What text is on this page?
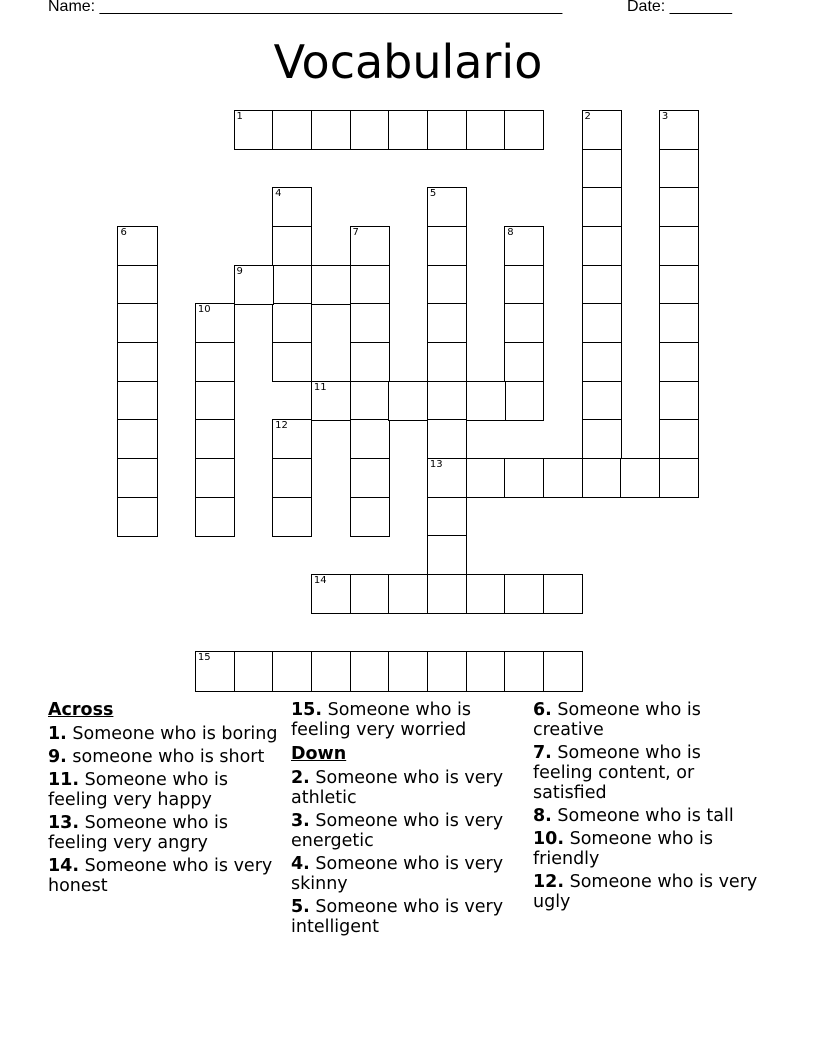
Name: ____________________________________________________	Date: _______
Vocabulario
1	2	3
4	5
13
6	7	8
9
10
11
12
14
15
Across
1. Someone who is boring
9. someone who is short
11. Someone who is feeling very happy
13. Someone who is feeling very angry
14. Someone who is very honest
15. Someone who is feeling very worried
Down
2. Someone who is very athletic
3. Someone who is very energetic
4. Someone who is very skinny
5. Someone who is very intelligent
6. Someone who is creative
7. Someone who is feeling content, or satisfied
8. Someone who is tall
10. Someone who is friendly
12. Someone who is very ugly
